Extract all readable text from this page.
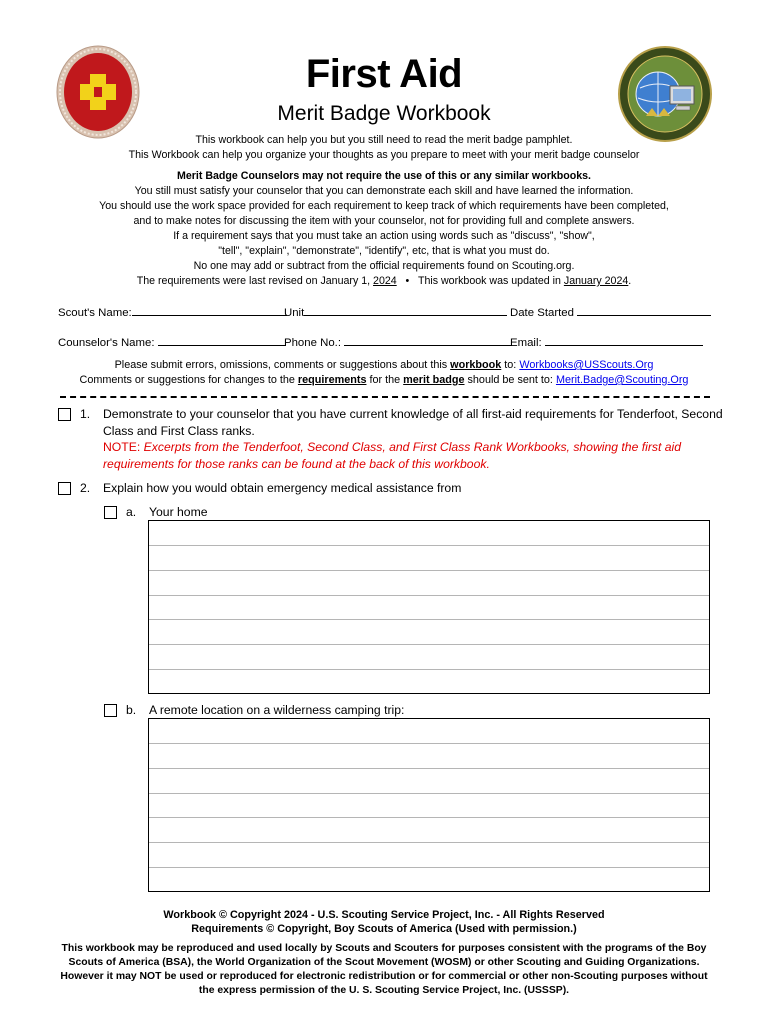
First Aid
Merit Badge Workbook
This workbook can help you but you still need to read the merit badge pamphlet.
This Workbook can help you organize your thoughts as you prepare to meet with your merit badge counselor
Merit Badge Counselors may not require the use of this or any similar workbooks.
You still must satisfy your counselor that you can demonstrate each skill and have learned the information.
You should use the work space provided for each requirement to keep track of which requirements have been completed,
and to make notes for discussing the item with your counselor, not for providing full and complete answers.
If a requirement says that you must take an action using words such as "discuss", "show",
"tell", "explain", "demonstrate", "identify", etc, that is what you must do.
No one may add or subtract from the official requirements found on Scouting.org.
The requirements were last revised on January 1, 2024 • This workbook was updated in January 2024.
Scout's Name:	Unit	Date Started
Counselor's Name:	Phone No.:	Email:
Please submit errors, omissions, comments or suggestions about this workbook to: Workbooks@USScouts.Org
Comments or suggestions for changes to the requirements for the merit badge should be sent to: Merit.Badge@Scouting.Org
1. Demonstrate to your counselor that you have current knowledge of all first-aid requirements for Tenderfoot, Second
Class and First Class ranks.
NOTE: Excerpts from the Tenderfoot, Second Class, and First Class Rank Workbooks, showing the first aid
requirements for those ranks can be found at the back of this workbook.
2. Explain how you would obtain emergency medical assistance from
a. Your home
b. A remote location on a wilderness camping trip:
Workbook © Copyright 2024 - U.S. Scouting Service Project, Inc. - All Rights Reserved
Requirements © Copyright, Boy Scouts of America (Used with permission.)
This workbook may be reproduced and used locally by Scouts and Scouters for purposes consistent with the programs of the Boy
Scouts of America (BSA), the World Organization of the Scout Movement (WOSM) or other Scouting and Guiding Organizations.
However it may NOT be used or reproduced for electronic redistribution or for commercial or other non-Scouting purposes without
the express permission of the U. S. Scouting Service Project, Inc. (USSSP).
